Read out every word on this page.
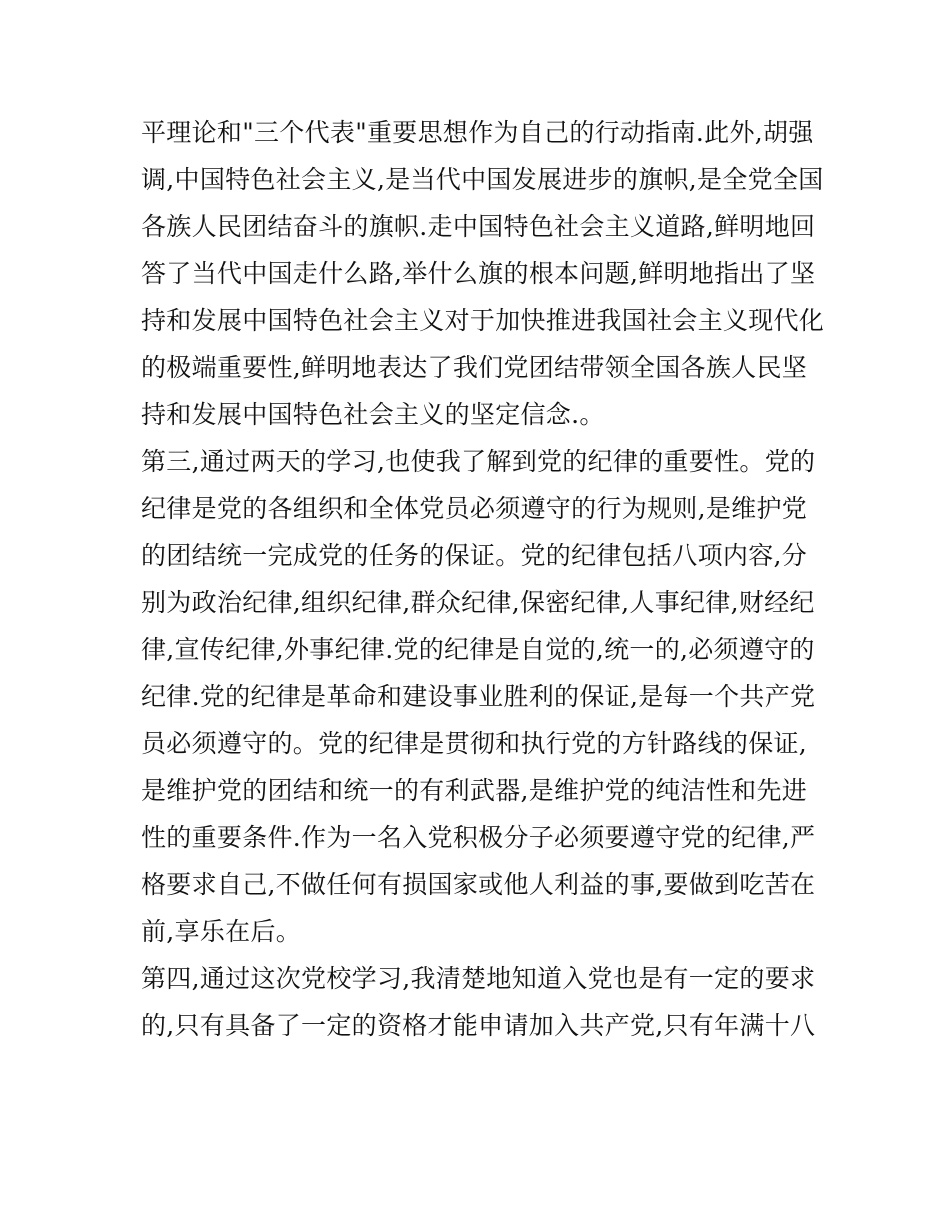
平理论和"三个代表"重要思想作为自己的行动指南.此外,胡强
调,中国特色社会主义,是当代中国发展进步的旗帜,是全党全国
各族人民团结奋斗的旗帜.走中国特色社会主义道路,鲜明地回
答了当代中国走什么路,举什么旗的根本问题,鲜明地指出了坚
持和发展中国特色社会主义对于加快推进我国社会主义现代化
的极端重要性,鲜明地表达了我们党团结带领全国各族人民坚
持和发展中国特色社会主义的坚定信念.。
第三,通过两天的学习,也使我了解到党的纪律的重要性。党的
纪律是党的各组织和全体党员必须遵守的行为规则,是维护党
的团结统一完成党的任务的保证。党的纪律包括八项内容,分
别为政治纪律,组织纪律,群众纪律,保密纪律,人事纪律,财经纪
律,宣传纪律,外事纪律.党的纪律是自觉的,统一的,必须遵守的
纪律.党的纪律是革命和建设事业胜利的保证,是每一个共产党
员必须遵守的。党的纪律是贯彻和执行党的方针路线的保证,
是维护党的团结和统一的有利武器,是维护党的纯洁性和先进
性的重要条件.作为一名入党积极分子必须要遵守党的纪律,严
格要求自己,不做任何有损国家或他人利益的事,要做到吃苦在
前,享乐在后。
第四,通过这次党校学习,我清楚地知道入党也是有一定的要求
的,只有具备了一定的资格才能申请加入共产党,只有年满十八
